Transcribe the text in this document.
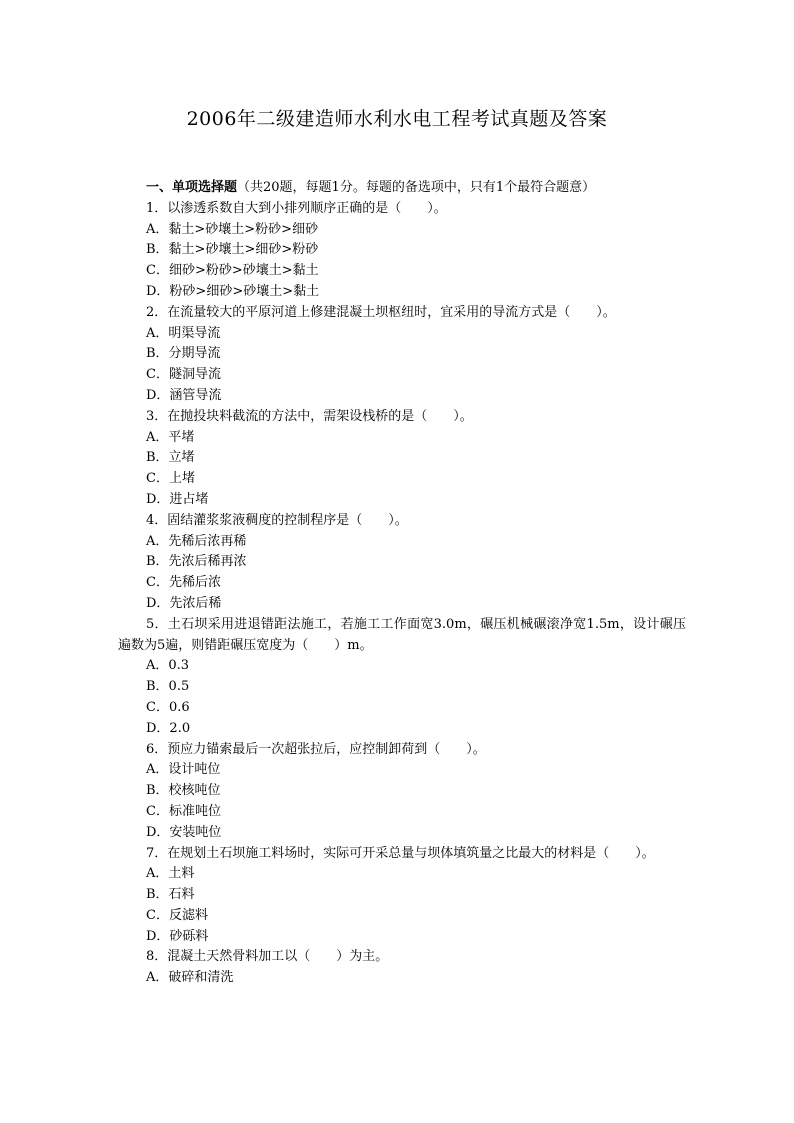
2006年二级建造师水利水电工程考试真题及答案
一、单项选择题（共20题，每题1分。每题的备选项中，只有1个最符合题意）
1．以渗透系数自大到小排列顺序正确的是（　　）。
A．黏土>砂壤土>粉砂>细砂
B．黏土>砂壤土>细砂>粉砂
C．细砂>粉砂>砂壤土>黏土
D．粉砂>细砂>砂壤土>黏土
2．在流量较大的平原河道上修建混凝土坝枢纽时，宜采用的导流方式是（　　）。
A．明渠导流
B．分期导流
C．隧洞导流
D．涵管导流
3．在抛投块料截流的方法中，需架设栈桥的是（　　）。
A．平堵
B．立堵
C．上堵
D．进占堵
4．固结灌浆浆液稠度的控制程序是（　　）。
A．先稀后浓再稀
B．先浓后稀再浓
C．先稀后浓
D．先浓后稀
5．土石坝采用进退错距法施工，若施工工作面宽3.0m，碾压机械碾滚净宽1.5m，设计碾压遍数为5遍，则错距碾压宽度为（　　）m。
A．0.3
B．0.5
C．0.6
D．2.0
6．预应力锚索最后一次超张拉后，应控制卸荷到（　　）。
A．设计吨位
B．校核吨位
C．标准吨位
D．安装吨位
7．在规划土石坝施工料场时，实际可开采总量与坝体填筑量之比最大的材料是（　　）。
A．土料
B．石料
C．反滤料
D．砂砾料
8．混凝土天然骨料加工以（　　）为主。
A．破碎和清洗
